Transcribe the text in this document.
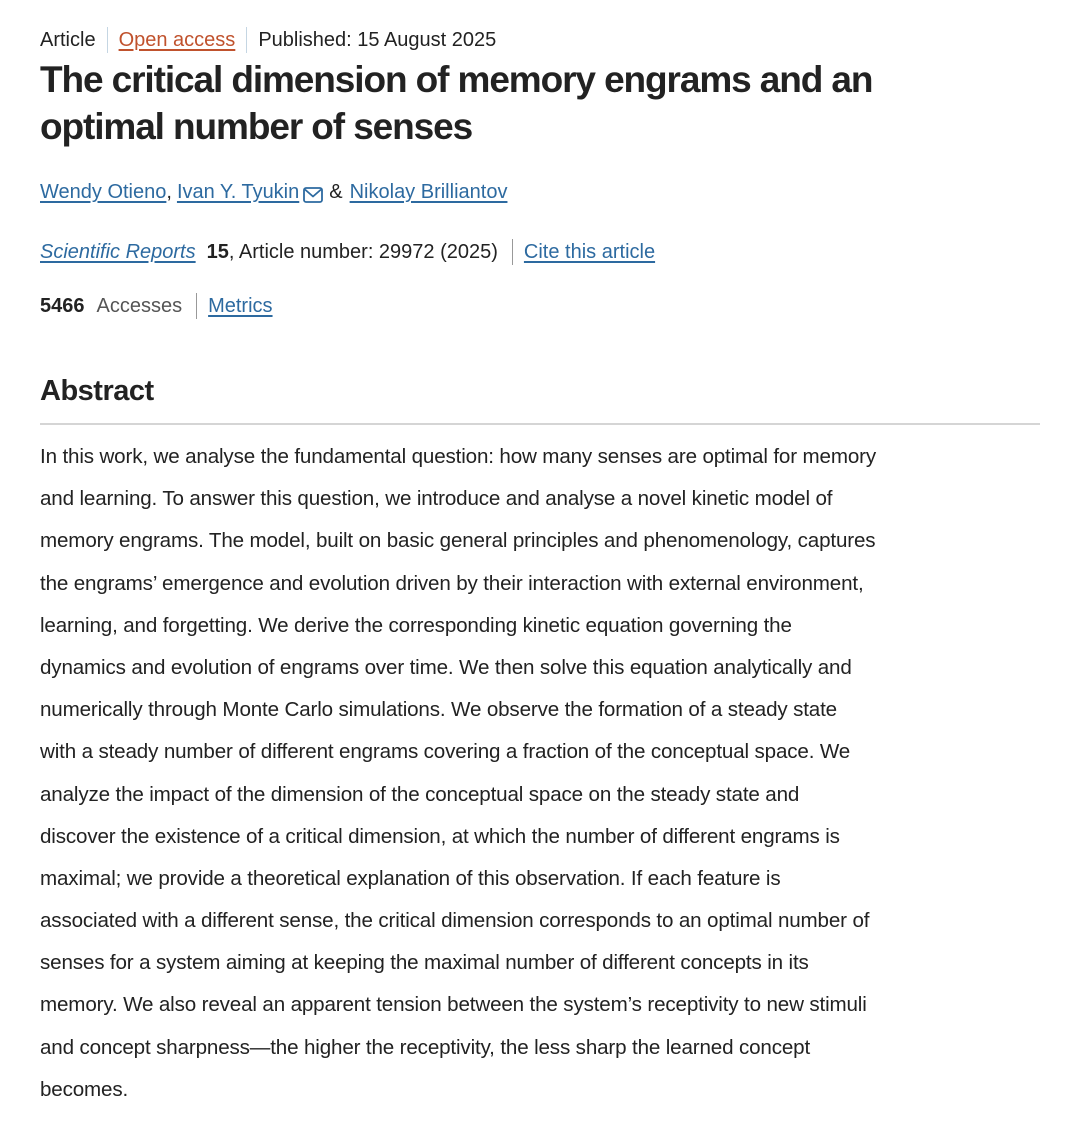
Article Open access Published: 15 August 2025
The critical dimension of memory engrams and an
optimal number of senses
Wendy Otieno , Ivan Y. Tyukin & Nikolay Brilliantov
Scientific Reports 15 , Article number: 29972 (2025) Cite this article
5466 Accesses Metrics
Abstract
In this work, we analyse the fundamental question: how many senses are optimal for memory
and learning. To answer this question, we introduce and analyse a novel kinetic model of
memory engrams. The model, built on basic general principles and phenomenology, captures
the engrams’ emergence and evolution driven by their interaction with external environment,
learning, and forgetting. We derive the corresponding kinetic equation governing the
dynamics and evolution of engrams over time. We then solve this equation analytically and
numerically through Monte Carlo simulations. We observe the formation of a steady state
with a steady number of different engrams covering a fraction of the conceptual space. We
analyze the impact of the dimension of the conceptual space on the steady state and
discover the existence of a critical dimension, at which the number of different engrams is
maximal; we provide a theoretical explanation of this observation. If each feature is
associated with a different sense, the critical dimension corresponds to an optimal number of
senses for a system aiming at keeping the maximal number of different concepts in its
memory. We also reveal an apparent tension between the system’s receptivity to new stimuli
and concept sharpness—the higher the receptivity, the less sharp the learned concept
becomes.
